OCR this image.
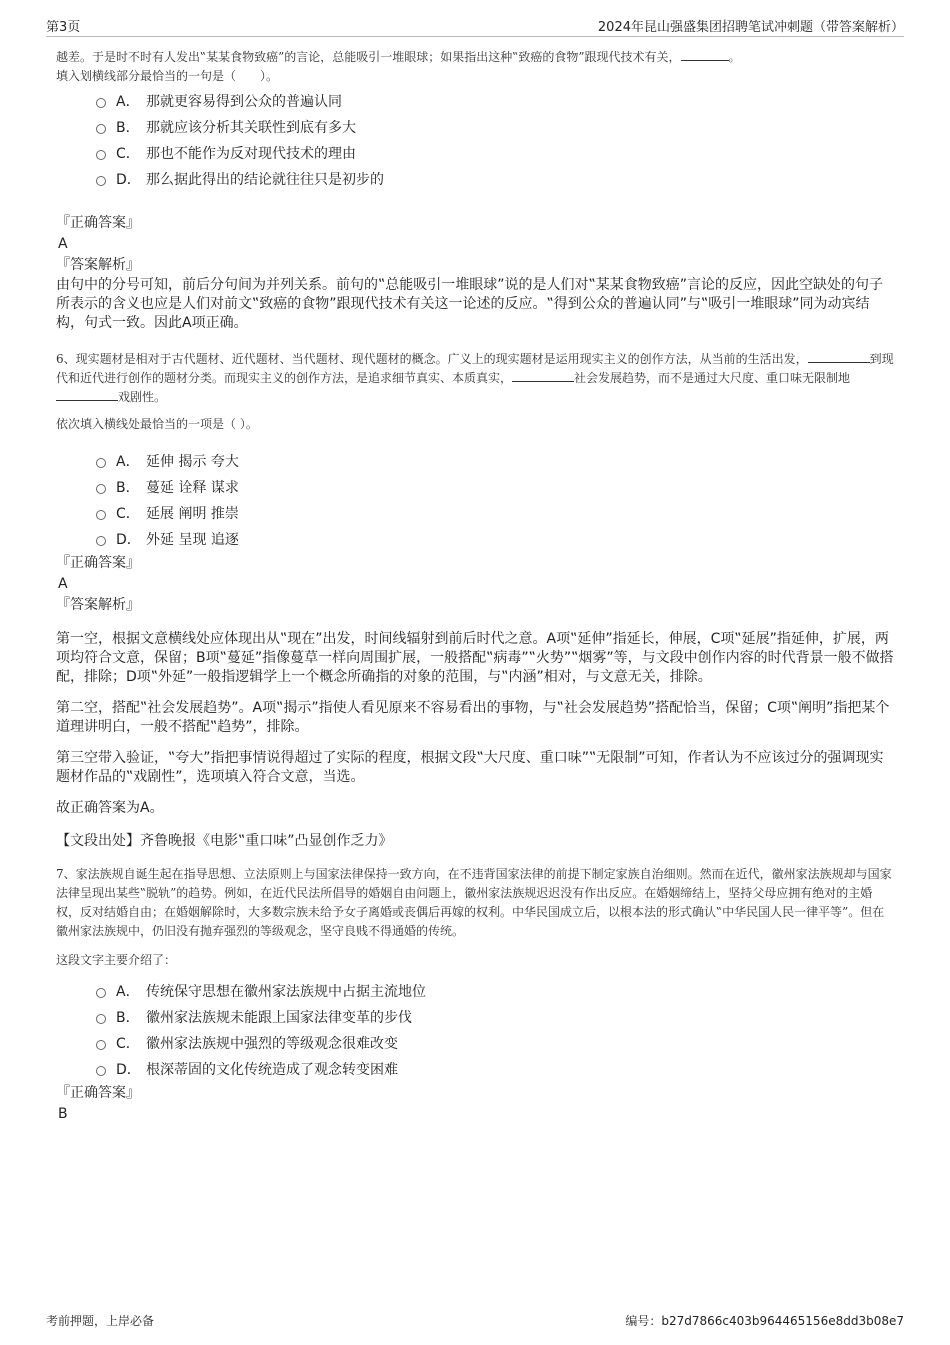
第3页	2024年昆山强盛集团招聘笔试冲刺题（带答案解析）

越差。于是时不时有人发出‟某某食物致癌”的言论，总能吸引一堆眼球；如果指出这种‟致癌的食物”跟现代技术有关，	。

填入划横线部分最恰当的一句是（　　）。

A． 那就更容易得到公众的普遍认同
B． 那就应该分析其关联性到底有多大
C． 那也不能作为反对现代技术的理由
D． 那么据此得出的结论就往往只是初步的

『正确答案』

A

『答案解析』

由句中的分号可知，前后分句间为并列关系。前句的‟总能吸引一堆眼球”说的是人们对‟某某食物致癌”言论的反应，因此空缺处的句子所表示的含义也应是人们对前文‟致癌的食物”跟现代技术有关这一论述的反应。‟得到公众的普遍认同”与‟吸引一堆眼球”同为动宾结构，句式一致。因此A项正确。

6、现实题材是相对于古代题材、近代题材、当代题材、现代题材的概念。广义上的现实题材是运用现实主义的创作方法，从当前的生活出发，	到现代和近代进行创作的题材分类。而现实主义的创作方法，是追求细节真实、本质真实，	社会发展趋势，而不是通过大尺度、重口味无限制地戏剧性。

依次填入横线处最恰当的一项是（ ）。

A． 延伸 揭示 夸大
B． 蔓延 诠释 谋求
C． 延展 阐明 推崇
D． 外延 呈现 追逐

『正确答案』

A

『答案解析』

第一空，根据文意横线处应体现出从‟现在”出发，时间线辐射到前后时代之意。A项‟延伸”指延长，伸展，C项‟延展”指延伸，扩展，两项均符合文意，保留；B项‟蔓延”指像蔓草一样向周围扩展，一般搭配‟病毒”‟火势”‟烟雾”等，与文段中创作内容的时代背景一般不做搭配，排除；D项‟外延”一般指逻辑学上一个概念所确指的对象的范围，与‟内涵”相对，与文意无关，排除。

第二空，搭配‟社会发展趋势”。A项‟揭示”指使人看见原来不容易看出的事物，与‟社会发展趋势”搭配恰当，保留；C项‟阐明”指把某个道理讲明白，一般不搭配‟趋势”，排除。

第三空带入验证，‟夸大”指把事情说得超过了实际的程度，根据文段‟大尺度、重口味”‟无限制”可知，作者认为不应该过分的强调现实题材作品的‟戏剧性”，选项填入符合文意，当选。

故正确答案为A。

【文段出处】齐鲁晚报《电影‟重口味”凸显创作乏力》

7、家法族规自诞生起在指导思想、立法原则上与国家法律保持一致方向，在不违背国家法律的前提下制定家族自治细则。然而在近代，徽州家法族规却与国家法律呈现出某些‟脱轨”的趋势。例如，在近代民法所倡导的婚姻自由问题上，徽州家法族规迟迟没有作出反应。在婚姻缔结上，坚持父母应拥有绝对的主婚权，反对结婚自由；在婚姻解除时，大多数宗族未给予女子离婚或丧偶后再嫁的权利。中华民国成立后，以根本法的形式确认‟中华民国人民一律平等”。但在徽州家法族规中，仍旧没有抛弃强烈的等级观念，坚守良贱不得通婚的传统。

这段文字主要介绍了：

A． 传统保守思想在徽州家法族规中占据主流地位
B． 徽州家法族规未能跟上国家法律变革的步伐
C． 徽州家法族规中强烈的等级观念很难改变
D． 根深蒂固的文化传统造成了观念转变困难

『正确答案』

B

考前押题，上岸必备	编号：b27d7866c403b964465156e8dd3b08e7
